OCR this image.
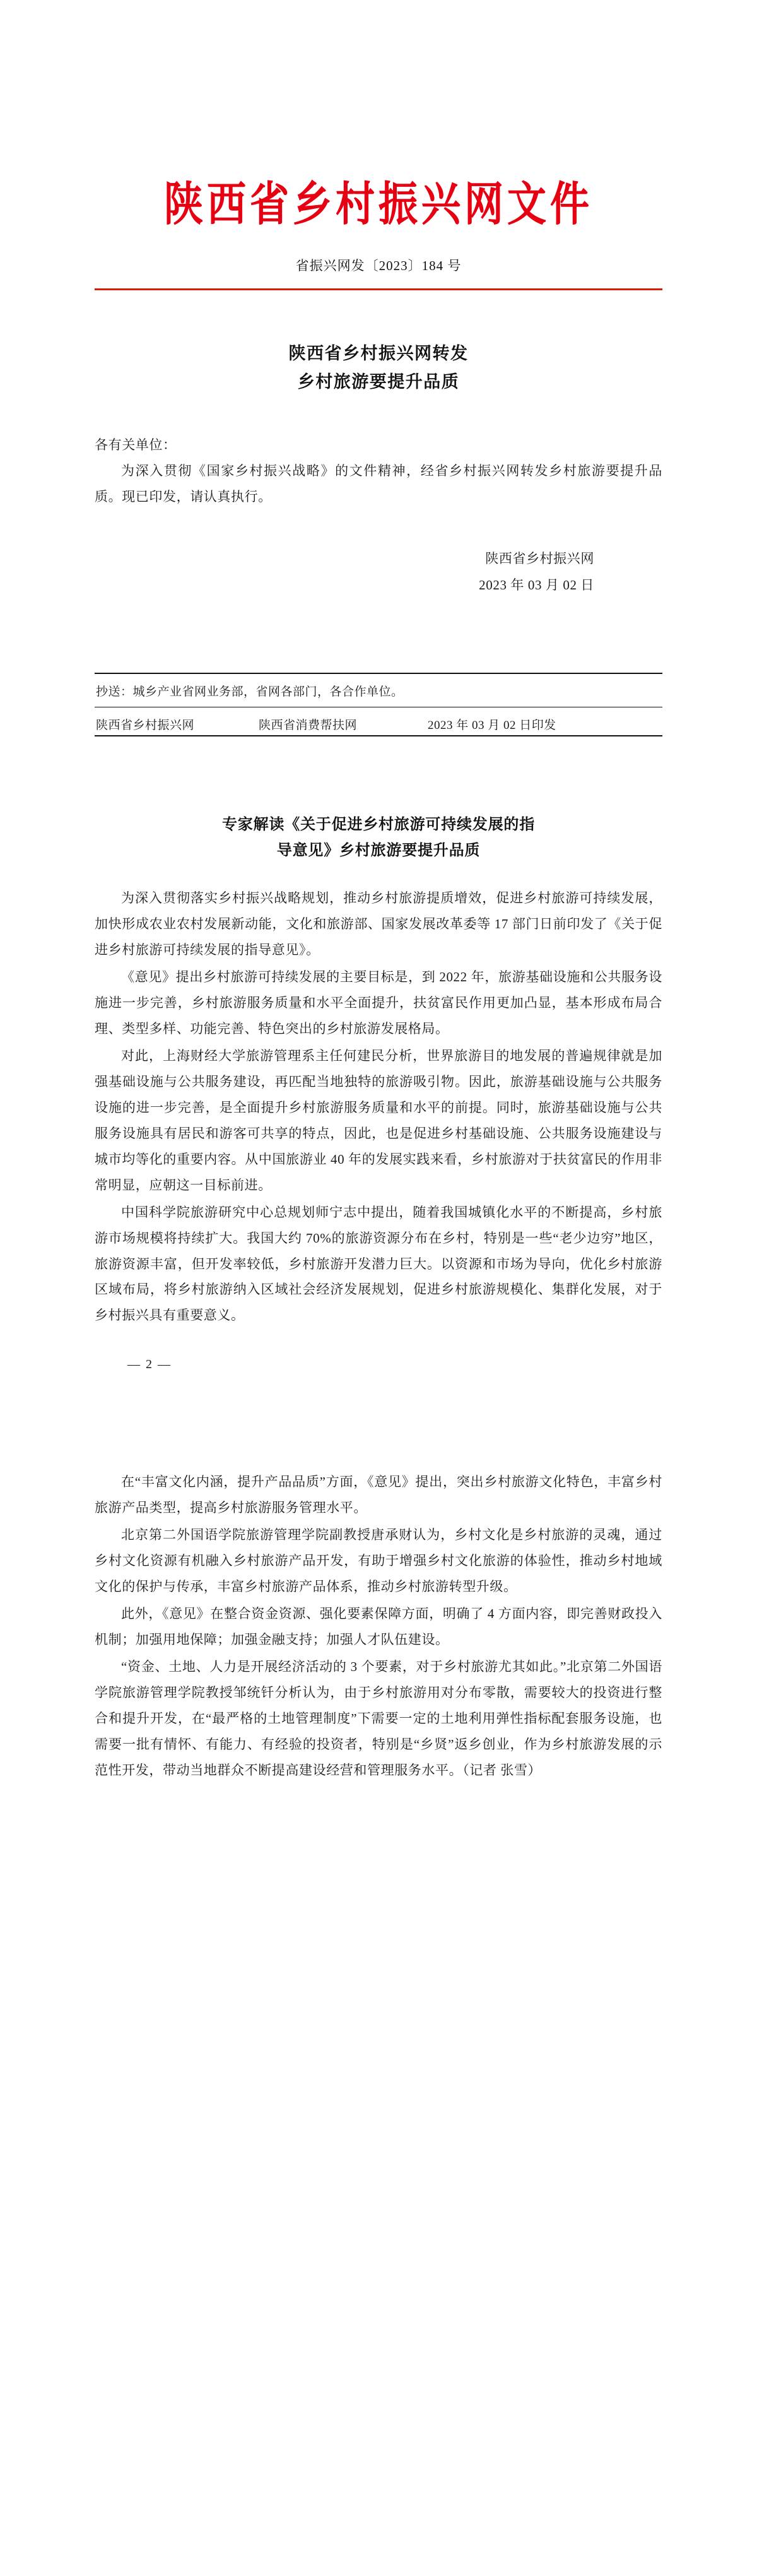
陕西省乡村振兴网文件
省振兴网发〔2023〕184 号
陕西省乡村振兴网转发
乡村旅游要提升品质
各有关单位：

为深入贯彻《国家乡村振兴战略》的文件精神，经省乡村振兴网转发乡村旅游要提升品质。现已印发，请认真执行。

陕西省乡村振兴网
2023 年 03 月 02 日
抄送：城乡产业省网业务部，省网各部门，各合作单位。
陕西省乡村振兴网	陕西省消费帮扶网	2023 年 03 月 02 日印发
专家解读《关于促进乡村旅游可持续发展的指
导意见》乡村旅游要提升品质

为深入贯彻落实乡村振兴战略规划，推动乡村旅游提质增效，促进乡村旅游可持续发展，加快形成农业农村发展新动能，文化和旅游部、国家发展改革委等 17 部门日前印发了《关于促进乡村旅游可持续发展的指导意见》。

《意见》提出乡村旅游可持续发展的主要目标是，到 2022 年，旅游基础设施和公共服务设施进一步完善，乡村旅游服务质量和水平全面提升，扶贫富民作用更加凸显，基本形成布局合理、类型多样、功能完善、特色突出的乡村旅游发展格局。

对此，上海财经大学旅游管理系主任何建民分析，世界旅游目的地发展的普遍规律就是加强基础设施与公共服务建设，再匹配当地独特的旅游吸引物。因此，旅游基础设施与公共服务设施的进一步完善，是全面提升乡村旅游服务质量和水平的前提。同时，旅游基础设施与公共服务设施具有居民和游客可共享的特点，因此，也是促进乡村基础设施、公共服务设施建设与城市均等化的重要内容。从中国旅游业 40 年的发展实践来看，乡村旅游对于扶贫富民的作用非常明显，应朝这一目标前进。

中国科学院旅游研究中心总规划师宁志中提出，随着我国城镇化水平的不断提高，乡村旅游市场规模将持续扩大。我国大约 70%的旅游资源分布在乡村，特别是一些“老少边穷”地区，旅游资源丰富，但开发率较低，乡村旅游开发潜力巨大。以资源和市场为导向，优化乡村旅游区域布局，将乡村旅游纳入区域社会经济发展规划，促进乡村旅游规模化、集群化发展，对于乡村振兴具有重要意义。

— 2 —

在“丰富文化内涵，提升产品品质”方面，《意见》提出，突出乡村旅游文化特色，丰富乡村旅游产品类型，提高乡村旅游服务管理水平。

北京第二外国语学院旅游管理学院副教授唐承财认为，乡村文化是乡村旅游的灵魂，通过乡村文化资源有机融入乡村旅游产品开发，有助于增强乡村文化旅游的体验性，推动乡村地域文化的保护与传承，丰富乡村旅游产品体系，推动乡村旅游转型升级。

此外，《意见》在整合资金资源、强化要素保障方面，明确了 4 方面内容，即完善财政投入机制；加强用地保障；加强金融支持；加强人才队伍建设。

“资金、土地、人力是开展经济活动的 3 个要素，对于乡村旅游尤其如此。”北京第二外国语学院旅游管理学院教授邹统钎分析认为，由于乡村旅游用对分布零散，需要较大的投资进行整合和提升开发，在“最严格的土地管理制度”下需要一定的土地利用弹性指标配套服务设施，也需要一批有情怀、有能力、有经验的投资者，特别是“乡贤”返乡创业，作为乡村旅游发展的示范性开发，带动当地群众不断提高建设经营和管理服务水平。（记者 张雪）
